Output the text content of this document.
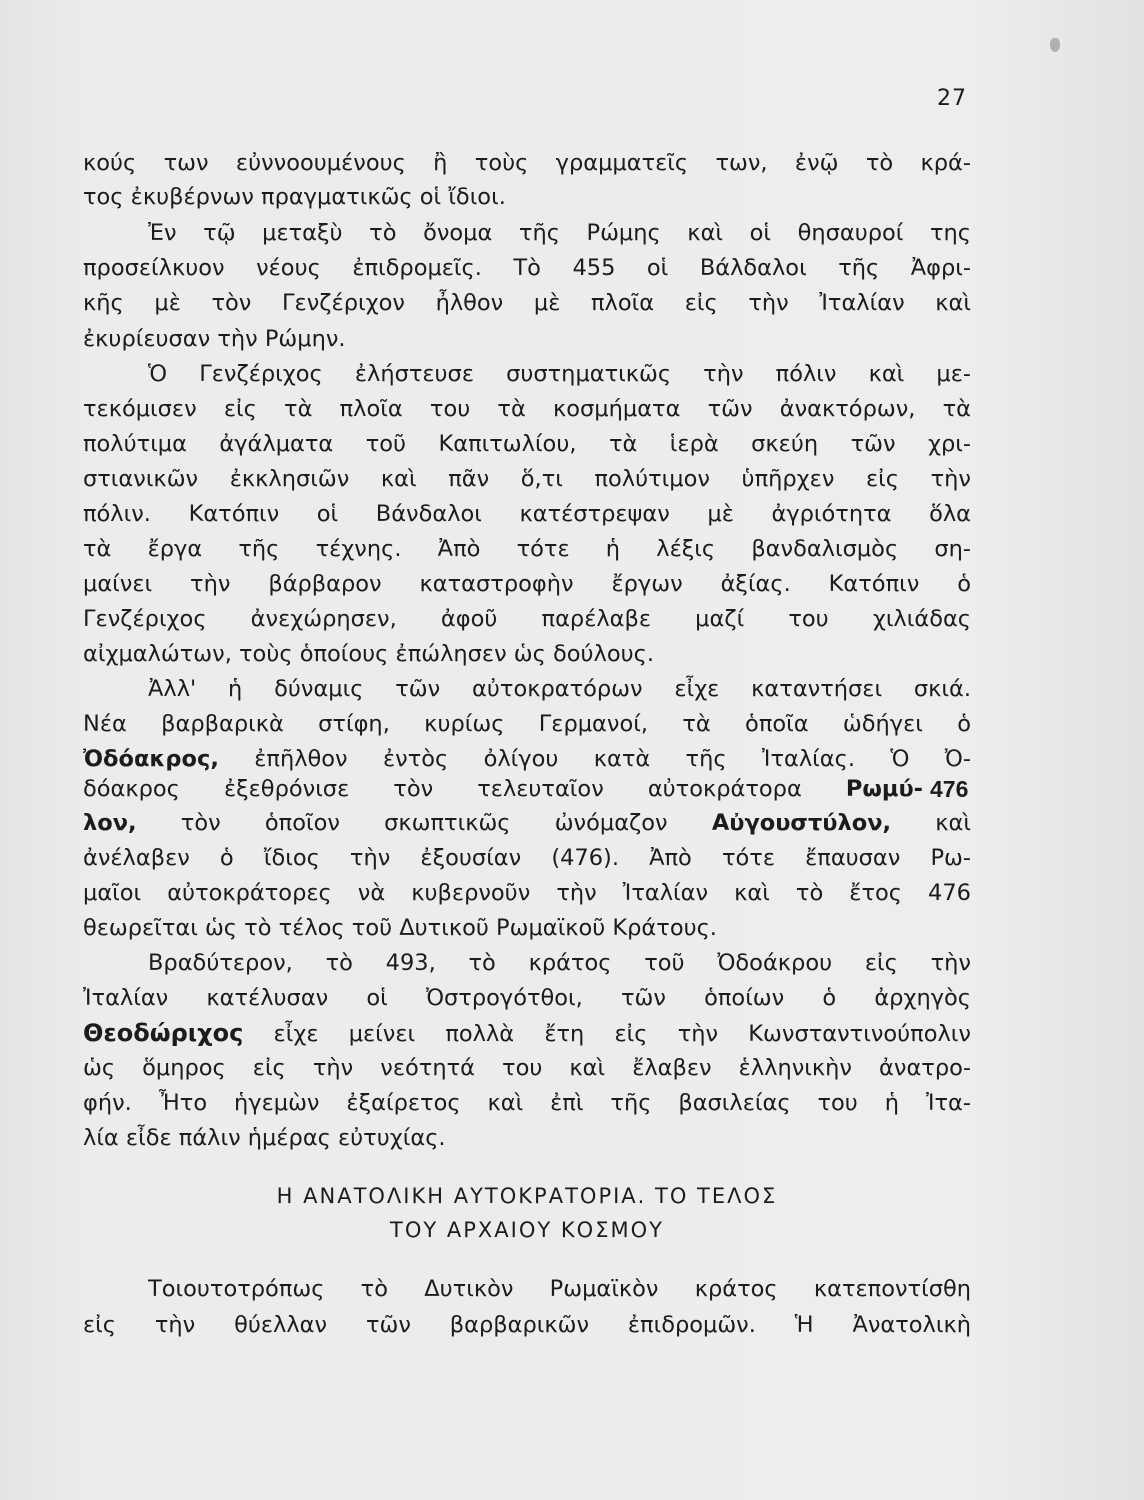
27
κούς των εὐννοουμένους ἢ τοὺς γραμματεῖς των, ἐνῷ τὸ κρά-
τος ἐκυβέρνων πραγματικῶς οἱ ἴδιοι.
Ἐν τῷ μεταξὺ τὸ ὄνομα τῆς Ρώμης καὶ οἱ θησαυροί της
προσείλκυον νέους ἐπιδρομεῖς. Τὸ 455 οἱ Βάλδαλοι τῆς Ἀφρι-
κῆς μὲ τὸν Γενζέριχον ἦλθον μὲ πλοῖα εἰς τὴν Ἰταλίαν καὶ
ἐκυρίευσαν τὴν Ρώμην.
Ὁ Γενζέριχος ἐλήστευσε συστηματικῶς τὴν πόλιν καὶ με-
τεκόμισεν εἰς τὰ πλοῖα του τὰ κοσμήματα τῶν ἀνακτόρων, τὰ
πολύτιμα ἀγάλματα τοῦ Καπιτωλίου, τὰ ἱερὰ σκεύη τῶν χρι-
στιανικῶν ἐκκλησιῶν καὶ πᾶν ὅ,τι πολύτιμον ὑπῆρχεν εἰς τὴν
πόλιν. Κατόπιν οἱ Βάνδαλοι κατέστρεψαν μὲ ἀγριότητα ὅλα
τὰ ἔργα τῆς τέχνης. Ἀπὸ τότε ἡ λέξις βανδαλισμὸς ση-
μαίνει τὴν βάρβαρον καταστροφὴν ἔργων ἀξίας. Κατόπιν ὁ
Γενζέριχος ἀνεχώρησεν, ἀφοῦ παρέλαβε μαζί του χιλιάδας
αἰχμαλώτων, τοὺς ὁποίους ἐπώλησεν ὡς δούλους.
Ἀλλ' ἡ δύναμις τῶν αὐτοκρατόρων εἶχε καταντήσει σκιά.
Νέα βαρβαρικὰ στίφη, κυρίως Γερμανοί, τὰ ὁποῖα ὡδήγει ὁ
Ὀδόακρος, ἐπῆλθον ἐντὸς ὀλίγου κατὰ τῆς Ἰταλίας. Ὁ Ὀ-
δόακρος ἐξεθρόνισε τὸν τελευταῖον αὐτοκράτορα Ρωμύ- 476
λον, τὸν ὁποῖον σκωπτικῶς ὠνόμαζον Αὐγουστύλον, καὶ
ἀνέλαβεν ὁ ἴδιος τὴν ἐξουσίαν (476). Ἀπὸ τότε ἔπαυσαν Ρω-
μαῖοι αὐτοκράτορες νὰ κυβερνοῦν τὴν Ἰταλίαν καὶ τὸ ἔτος 476
θεωρεῖται ὡς τὸ τέλος τοῦ Δυτικοῦ Ρωμαϊκοῦ Κράτους.
Βραδύτερον, τὸ 493, τὸ κράτος τοῦ Ὀδοάκρου εἰς τὴν
Ἰταλίαν κατέλυσαν οἱ Ὀστρογότθοι, τῶν ὁποίων ὁ ἀρχηγὸς
Θεοδώριχος εἶχε μείνει πολλὰ ἔτη εἰς τὴν Κωνσταντινούπολιν
ὡς ὅμηρος εἰς τὴν νεότητά του καὶ ἔλαβεν ἑλληνικὴν ἀνατρο-
φήν. Ἦτο ἡγεμὼν ἐξαίρετος καὶ ἐπὶ τῆς βασιλείας του ἡ Ἰτα-
λία εἶδε πάλιν ἡμέρας εὐτυχίας.
Η ΑΝΑΤΟΛΙΚΗ ΑΥΤΟΚΡΑΤΟΡΙΑ. ΤΟ ΤΕΛΟΣ
ΤΟΥ ΑΡΧΑΙΟΥ ΚΟΣΜΟΥ
Τοιουτοτρόπως τὸ Δυτικὸν Ρωμαϊκὸν κράτος κατεποντίσθη
εἰς τὴν θύελλαν τῶν βαρβαρικῶν ἐπιδρομῶν. Ἡ Ἀνατολικὴ
